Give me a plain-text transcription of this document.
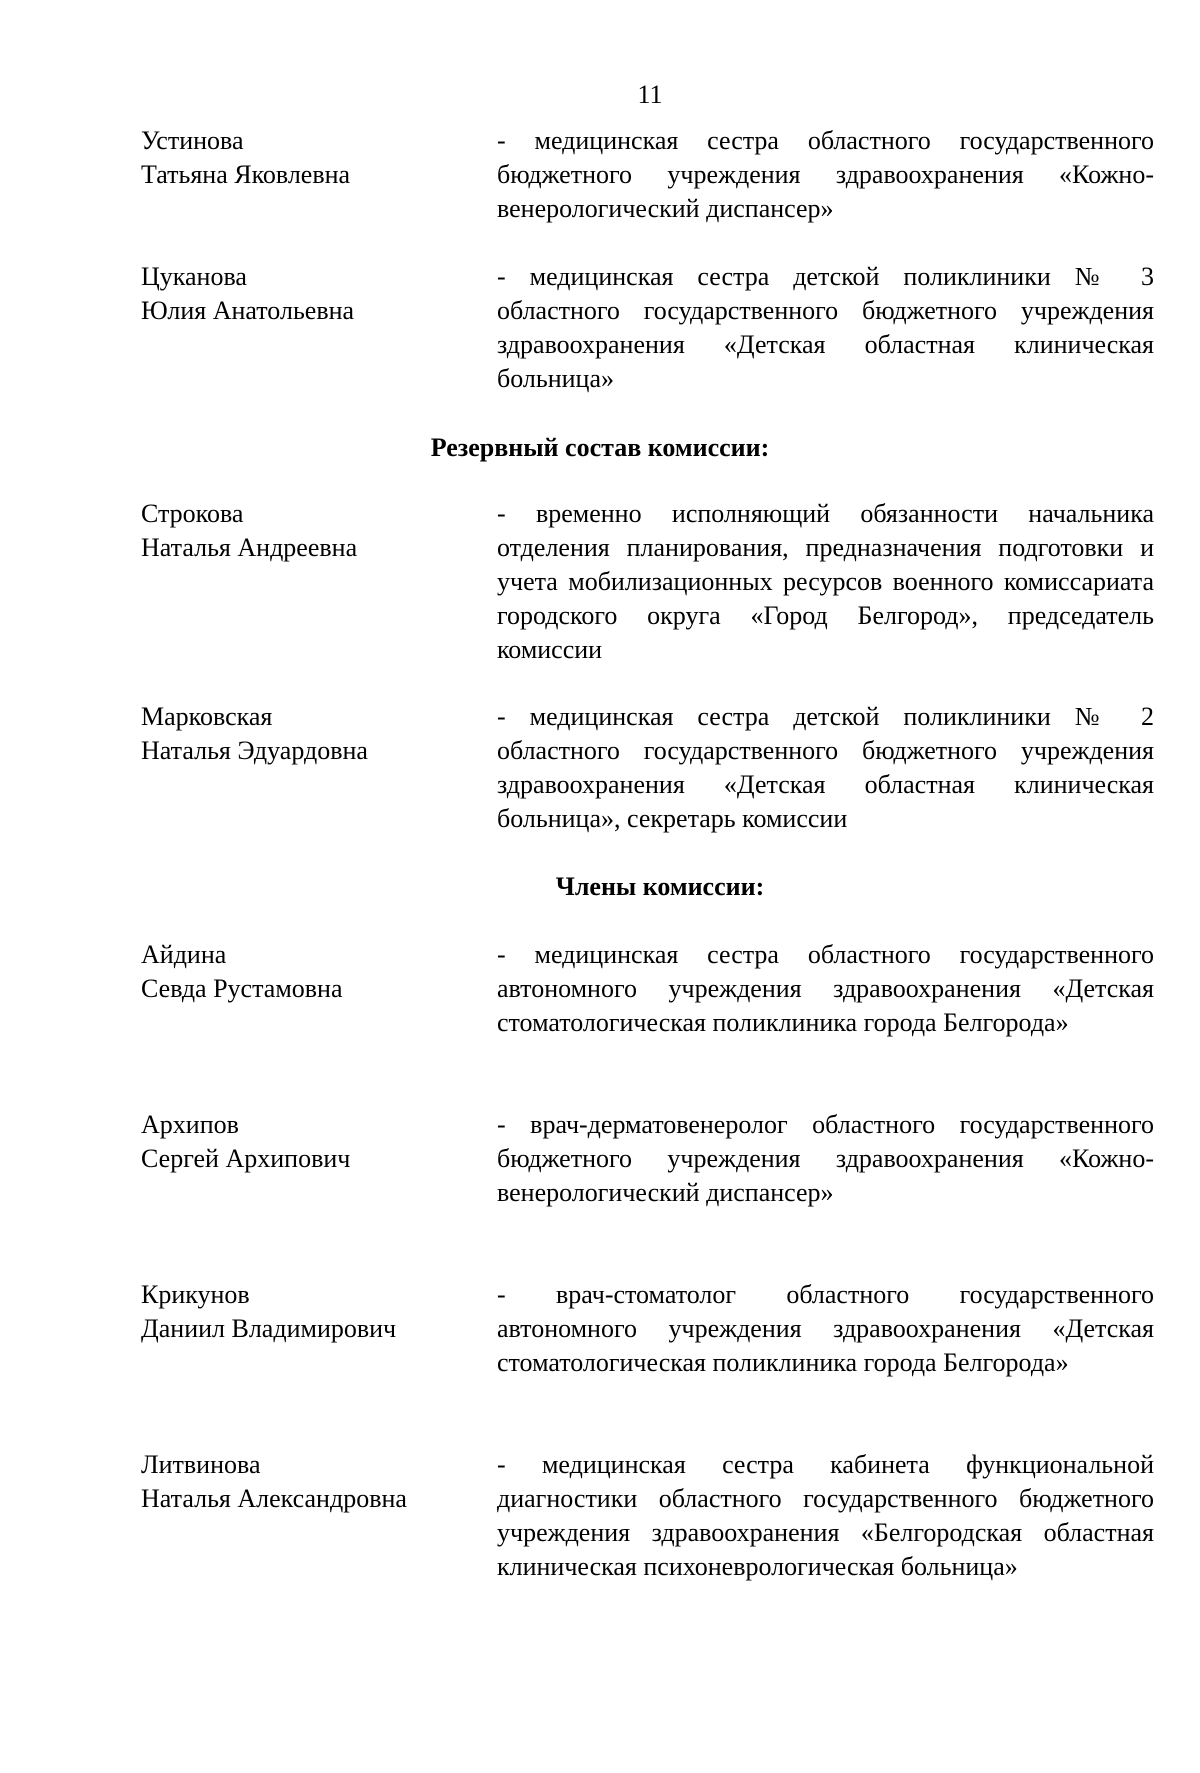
11
Устинова
Татьяна Яковлевна
- медицинская сестра областного государственного бюджетного учреждения здравоохранения «Кожно-венерологический диспансер»
Цуканова
Юлия Анатольевна
- медицинская сестра детской поликлиники № 3 областного государственного бюджетного учреждения здравоохранения «Детская областная клиническая больница»
Резервный состав комиссии:
Строкова
Наталья Андреевна
- временно исполняющий обязанности начальника отделения планирования, предназначения подготовки и учета мобилизационных ресурсов военного комиссариата городского округа «Город Белгород», председатель комиссии
Марковская
Наталья Эдуардовна
- медицинская сестра детской поликлиники № 2 областного государственного бюджетного учреждения здравоохранения «Детская областная клиническая больница», секретарь комиссии
Члены комиссии:
Айдина
Севда Рустамовна
- медицинская сестра областного государственного автономного учреждения здравоохранения «Детская стоматологическая поликлиника города Белгорода»
Архипов
Сергей Архипович
- врач-дерматовенеролог областного государственного бюджетного учреждения здравоохранения «Кожно-венерологический диспансер»
Крикунов
Даниил Владимирович
- врач-стоматолог областного государственного автономного учреждения здравоохранения «Детская стоматологическая поликлиника города Белгорода»
Литвинова
Наталья Александровна
- медицинская сестра кабинета функциональной диагностики областного государственного бюджетного учреждения здравоохранения «Белгородская областная клиническая психоневрологическая больница»
